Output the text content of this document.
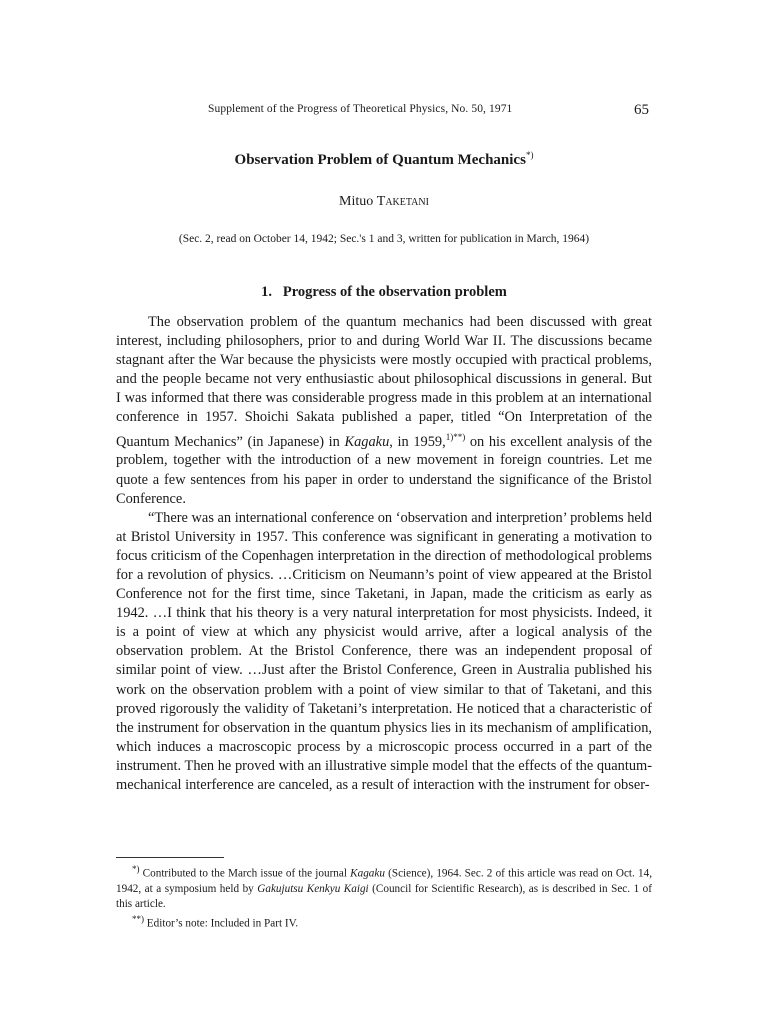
Supplement of the Progress of Theoretical Physics, No. 50, 1971	65
Observation Problem of Quantum Mechanics*)
Mituo Taketani
(Sec. 2, read on October 14, 1942; Sec.'s 1 and 3, written for publication in March, 1964)
1. Progress of the observation problem

The observation problem of the quantum mechanics had been discussed with great interest, including philosophers, prior to and during World War II. The discussions became stagnant after the War because the physicists were mostly occupied with practical problems, and the people became not very enthusiastic about philosophical discussions in general. But I was informed that there was considerable progress made in this problem at an international conference in 1957. Shoichi Sakata published a paper, titled “On Interpretation of the Quantum Mechanics” (in Japanese) in Kagaku, in 1959,$^{1)**)}$ on his excellent analysis of the problem, together with the introduction of a new movement in foreign countries. Let me quote a few sentences from his paper in order to understand the significance of the Bristol Conference.

“There was an international conference on ‘observation and interpretion’ problems held at Bristol University in 1957. This conference was significant in generating a motivation to focus criticism of the Copenhagen interpretation in the direction of methodological problems for a revolution of physics. …Criticism on Neumann’s point of view appeared at the Bristol Conference not for the first time, since Taketani, in Japan, made the criticism as early as 1942. …I think that his theory is a very natural interpretation for most physicists. Indeed, it is a point of view at which any physicist would arrive, after a logical analysis of the observation problem. At the Bristol Conference, there was an independent proposal of similar point of view. …Just after the Bristol Conference, Green in Australia published his work on the observation problem with a point of view similar to that of Taketani, and this proved rigorously the validity of Taketani’s interpretation. He noticed that a characteristic of the instrument for observation in the quantum physics lies in its mechanism of amplification, which induces a macroscopic process by a microscopic process occurred in a part of the instrument. Then he proved with an illustrative simple model that the effects of the quantum-mechanical interference are canceled, as a result of interaction with the instrument for obser-

*) Contributed to the March issue of the journal Kagaku (Science), 1964. Sec. 2 of this article was read on Oct. 14, 1942, at a symposium held by Gakujutsu Kenkyu Kaigi (Council for Scientific Research), as is described in Sec. 1 of this article.

**) Editor’s note: Included in Part IV.
